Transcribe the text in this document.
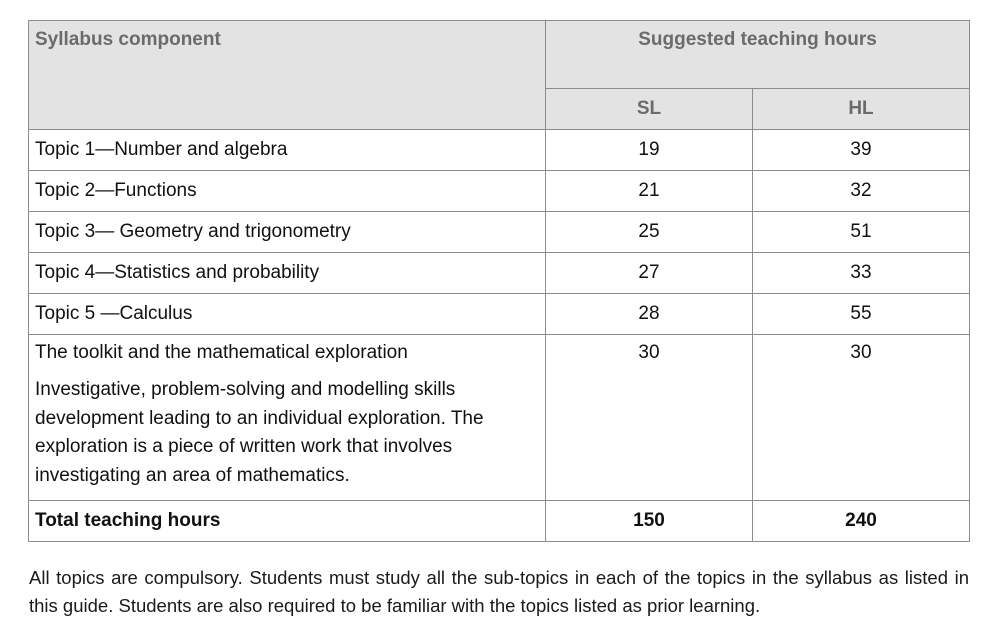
Syllabus component	Suggested teaching hours	
	SL	HL
Topic 1—Number and algebra	19	39
Topic 2—Functions	21	32
Topic 3— Geometry and trigonometry	25	51
Topic 4—Statistics and probability	27	33
Topic 5 —Calculus	28	55

The toolkit and the mathematical exploration
Investigative, problem-solving and modelling skills development leading to an individual exploration. The exploration is a piece of written work that involves investigating an area of mathematics.	30	30
Total teaching hours	150	240

All topics are compulsory. Students must study all the sub-topics in each of the topics in the syllabus as listed in this guide. Students are also required to be familiar with the topics listed as prior learning.
